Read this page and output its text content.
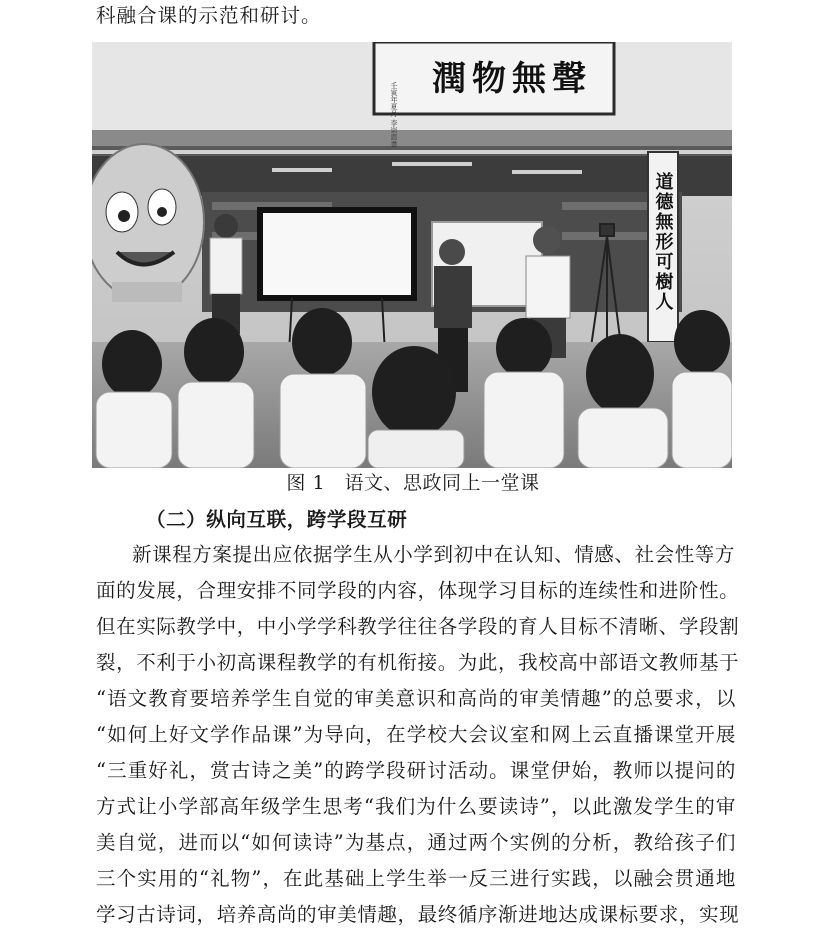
科融合课的示范和研讨。
潤物無聲
壬寅年夏月 李崇恩書
道德無形可樹人
图 1　语文、思政同上一堂课
（二）纵向互联，跨学段互研
新课程方案提出应依据学生从小学到初中在认知、情感、社会性等方
面的发展，合理安排不同学段的内容，体现学习目标的连续性和进阶性。
但在实际教学中，中小学学科教学往往各学段的育人目标不清晰、学段割
裂，不利于小初高课程教学的有机衔接。为此，我校高中部语文教师基于
“语文教育要培养学生自觉的审美意识和高尚的审美情趣”的总要求，以
“如何上好文学作品课”为导向，在学校大会议室和网上云直播课堂开展
“三重好礼，赏古诗之美”的跨学段研讨活动。课堂伊始，教师以提问的
方式让小学部高年级学生思考“我们为什么要读诗”，以此激发学生的审
美自觉，进而以“如何读诗”为基点，通过两个实例的分析，教给孩子们
三个实用的“礼物”，在此基础上学生举一反三进行实践，以融会贯通地
学习古诗词，培养高尚的审美情趣，最终循序渐进地达成课标要求，实现
